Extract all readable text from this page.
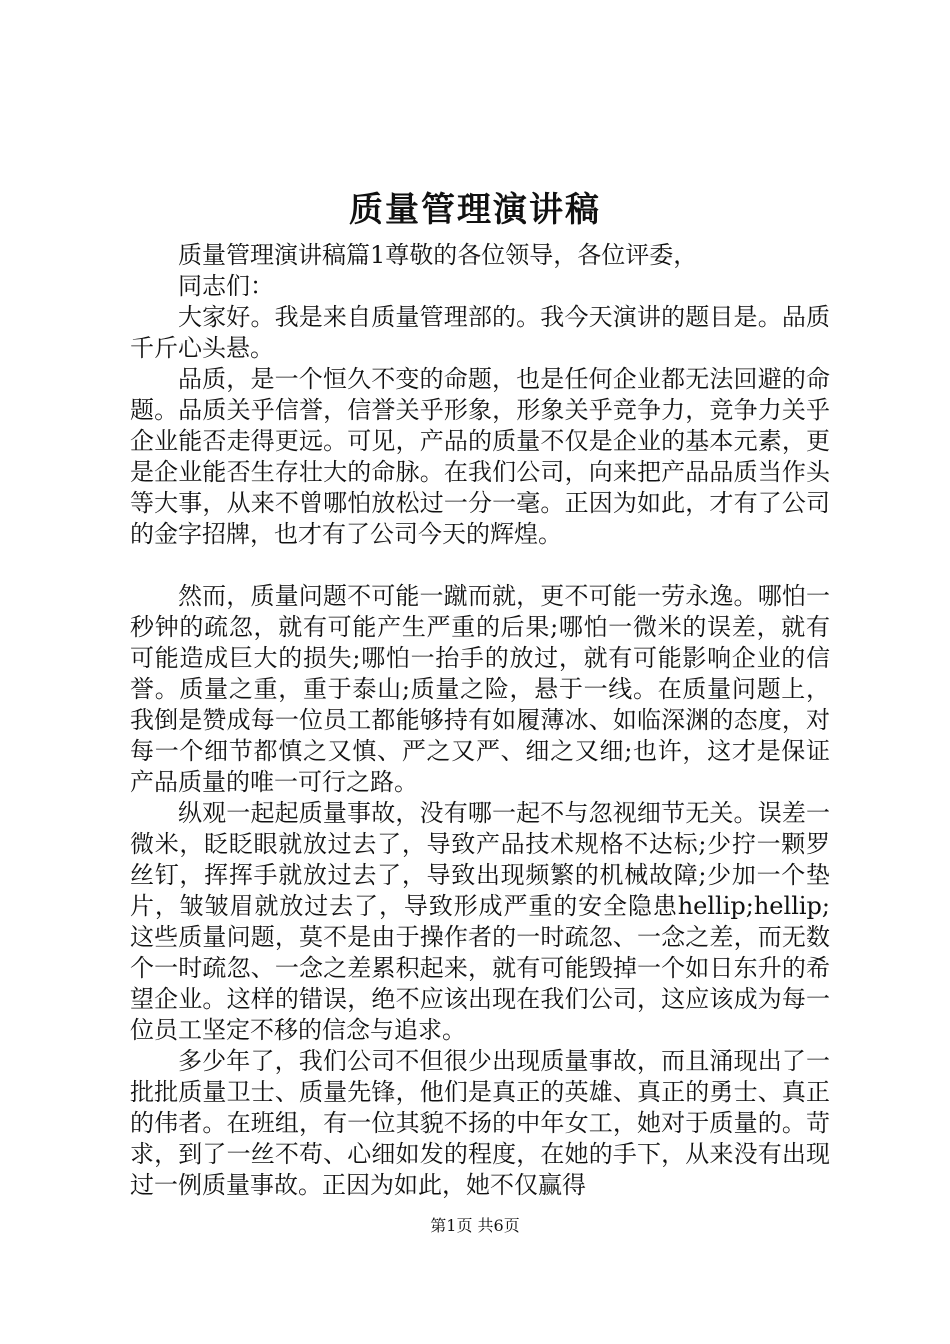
质量管理演讲稿

质量管理演讲稿篇1尊敬的各位领导，各位评委，

同志们：

大家好。我是来自质量管理部的。我今天演讲的题目是。品质千斤心头悬。

品质，是一个恒久不变的命题，也是任何企业都无法回避的命题。品质关乎信誉，信誉关乎形象，形象关乎竞争力，竞争力关乎企业能否走得更远。可见，产品的质量不仅是企业的基本元素，更是企业能否生存壮大的命脉。在我们公司，向来把产品品质当作头等大事，从来不曾哪怕放松过一分一毫。正因为如此，才有了公司的金字招牌，也才有了公司今天的辉煌。

然而，质量问题不可能一蹴而就，更不可能一劳永逸。哪怕一秒钟的疏忽，就有可能产生严重的后果;哪怕一微米的误差，就有可能造成巨大的损失;哪怕一抬手的放过，就有可能影响企业的信誉。质量之重，重于泰山;质量之险，悬于一线。在质量问题上，我倒是赞成每一位员工都能够持有如履薄冰、如临深渊的态度，对每一个细节都慎之又慎、严之又严、细之又细;也许，这才是保证产品质量的唯一可行之路。

纵观一起起质量事故，没有哪一起不与忽视细节无关。误差一微米，眨眨眼就放过去了，导致产品技术规格不达标;少拧一颗罗丝钉，挥挥手就放过去了，导致出现频繁的机械故障;少加一个垫片，皱皱眉就放过去了，导致形成严重的安全隐患hellip;hellip;这些质量问题，莫不是由于操作者的一时疏忽、一念之差，而无数个一时疏忽、一念之差累积起来，就有可能毁掉一个如日东升的希望企业。这样的错误，绝不应该出现在我们公司，这应该成为每一位员工坚定不移的信念与追求。

多少年了，我们公司不但很少出现质量事故，而且涌现出了一批批质量卫士、质量先锋，他们是真正的英雄、真正的勇士、真正的伟者。在班组，有一位其貌不扬的中年女工，她对于质量的。苛求，到了一丝不苟、心细如发的程度，在她的手下，从来没有出现过一例质量事故。正因为如此，她不仅赢得

第1页 共6页
